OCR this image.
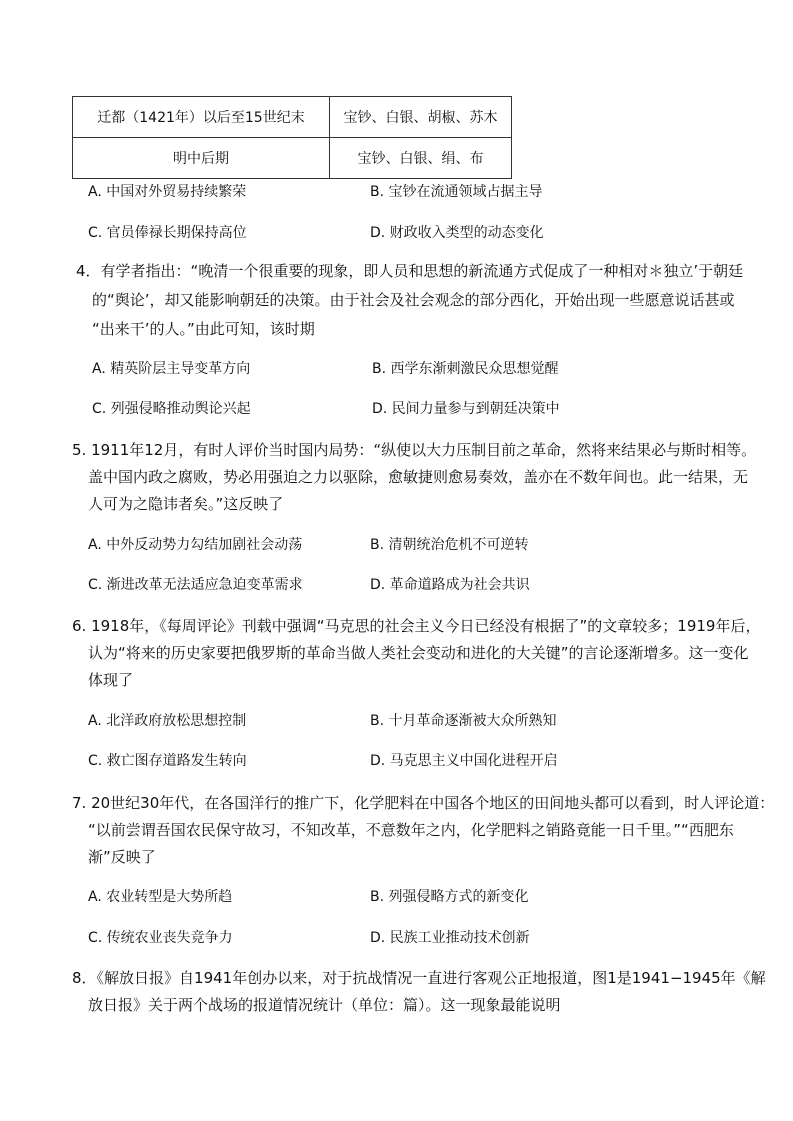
迁都（1421年）以后至15世纪末	宝钞、白银、胡椒、苏木
明中后期	宝钞、白银、绢、布
A. 中国对外贸易持续繁荣	B. 宝钞在流通领域占据主导
C. 官员俸禄长期保持高位	D. 财政收入类型的动态变化
4．有学者指出：“晚清一个很重要的现象，即人员和思想的新流通方式促成了一种相对＊独立’于朝廷
的“舆论’，却又能影响朝廷的决策。由于社会及社会观念的部分西化，开始出现一些愿意说话甚或
“出来干’的人。”由此可知，该时期
A. 精英阶层主导变革方向	B. 西学东渐刺激民众思想觉醒
C. 列强侵略推动舆论兴起	D. 民间力量参与到朝廷决策中
5. 1911年12月，有时人评价当时国内局势：“纵使以大力压制目前之革命，然将来结果必与斯时相等。
盖中国内政之腐败，势必用强迫之力以驱除，愈敏捷则愈易奏效，盖亦在不数年间也。此一结果，无
人可为之隐讳者矣。”这反映了
A. 中外反动势力勾结加剧社会动荡	B. 清朝统治危机不可逆转
C. 渐进改革无法适应急迫变革需求	D. 革命道路成为社会共识
6. 1918年，《每周评论》刊载中强调“马克思的社会主义今日已经没有根据了”的文章较多；1919年后，
认为“将来的历史家要把俄罗斯的革命当做人类社会变动和进化的大关键”的言论逐渐增多。这一变化
体现了
A. 北洋政府放松思想控制	B. 十月革命逐渐被大众所熟知
C. 救亡图存道路发生转向	D. 马克思主义中国化进程开启
7. 20世纪30年代，在各国洋行的推广下，化学肥料在中国各个地区的田间地头都可以看到，时人评论道：
“以前尝谓吾国农民保守故习，不知改革，不意数年之内，化学肥料之销路竟能一日千里。”“西肥东
渐”反映了
A. 农业转型是大势所趋	B. 列强侵略方式的新变化
C. 传统农业丧失竞争力	D. 民族工业推动技术创新
8．《解放日报》自1941年创办以来，对于抗战情况一直进行客观公正地报道，图1是1941−1945年《解
放日报》关于两个战场的报道情况统计（单位：篇）。这一现象最能说明
